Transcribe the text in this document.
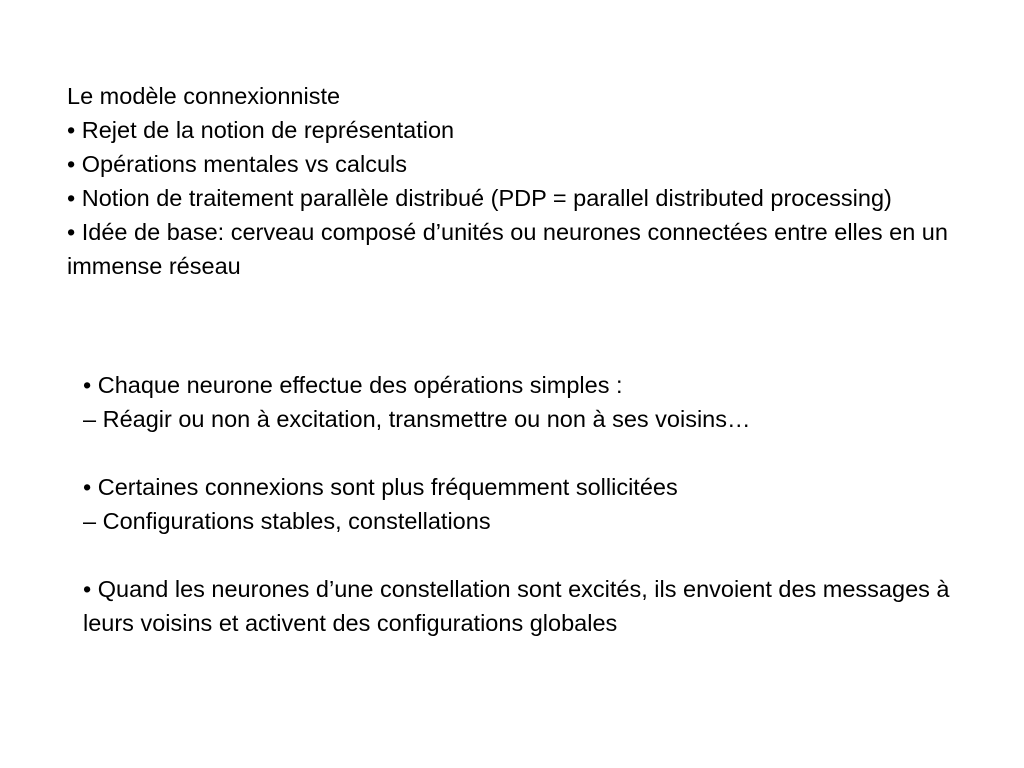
Le modèle connexionniste
• Rejet de la notion de représentation
• Opérations mentales vs calculs
• Notion de traitement parallèle distribué (PDP = parallel distributed processing)
• Idée de base: cerveau composé d’unités ou neurones connectées entre elles en un immense réseau
• Chaque neurone effectue des opérations simples :
– Réagir ou non à excitation, transmettre ou non à ses voisins…
• Certaines connexions sont plus fréquemment sollicitées
– Configurations stables, constellations
• Quand les neurones d’une constellation sont excités, ils envoient des messages à leurs voisins et activent des configurations globales
